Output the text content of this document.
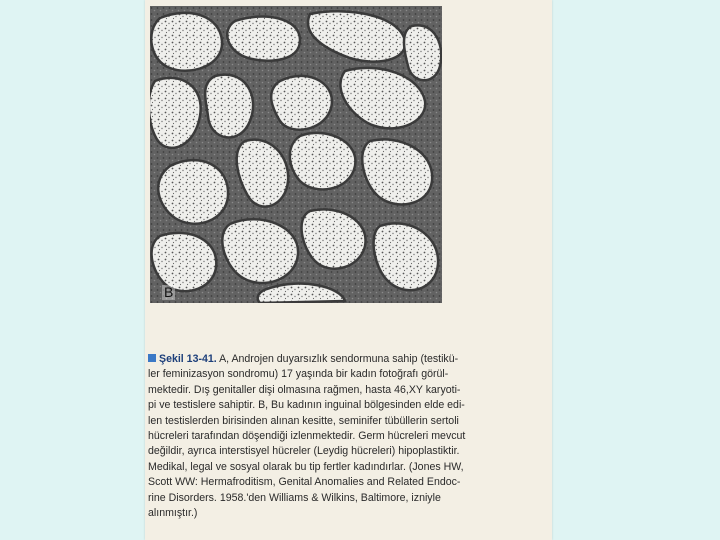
B
Şekil 13-41. A, Androjen duyarsızlık sendormuna sahip (testikü-
ler feminizasyon sondromu) 17 yaşında bir kadın fotoğrafı görül-
mektedir. Dış genitaller dişi olmasına rağmen, hasta 46,XY karyoti-
pi ve testislere sahiptir. B, Bu kadının inguinal bölgesinden elde edi-
len testislerden birisinden alınan kesitte, seminifer tübüllerin sertoli
hücreleri tarafından döşendiği izlenmektedir. Germ hücreleri mevcut
değildir, ayrıca interstisyel hücreler (Leydig hücreleri) hipoplastiktir.
Medikal, legal ve sosyal olarak bu tip fertler kadındırlar. (Jones HW,
Scott WW: Hermafroditism, Genital Anomalies and Related Endoc-
rine Disorders. 1958.'den Williams & Wilkins, Baltimore, izniyle
alınmıştır.)
